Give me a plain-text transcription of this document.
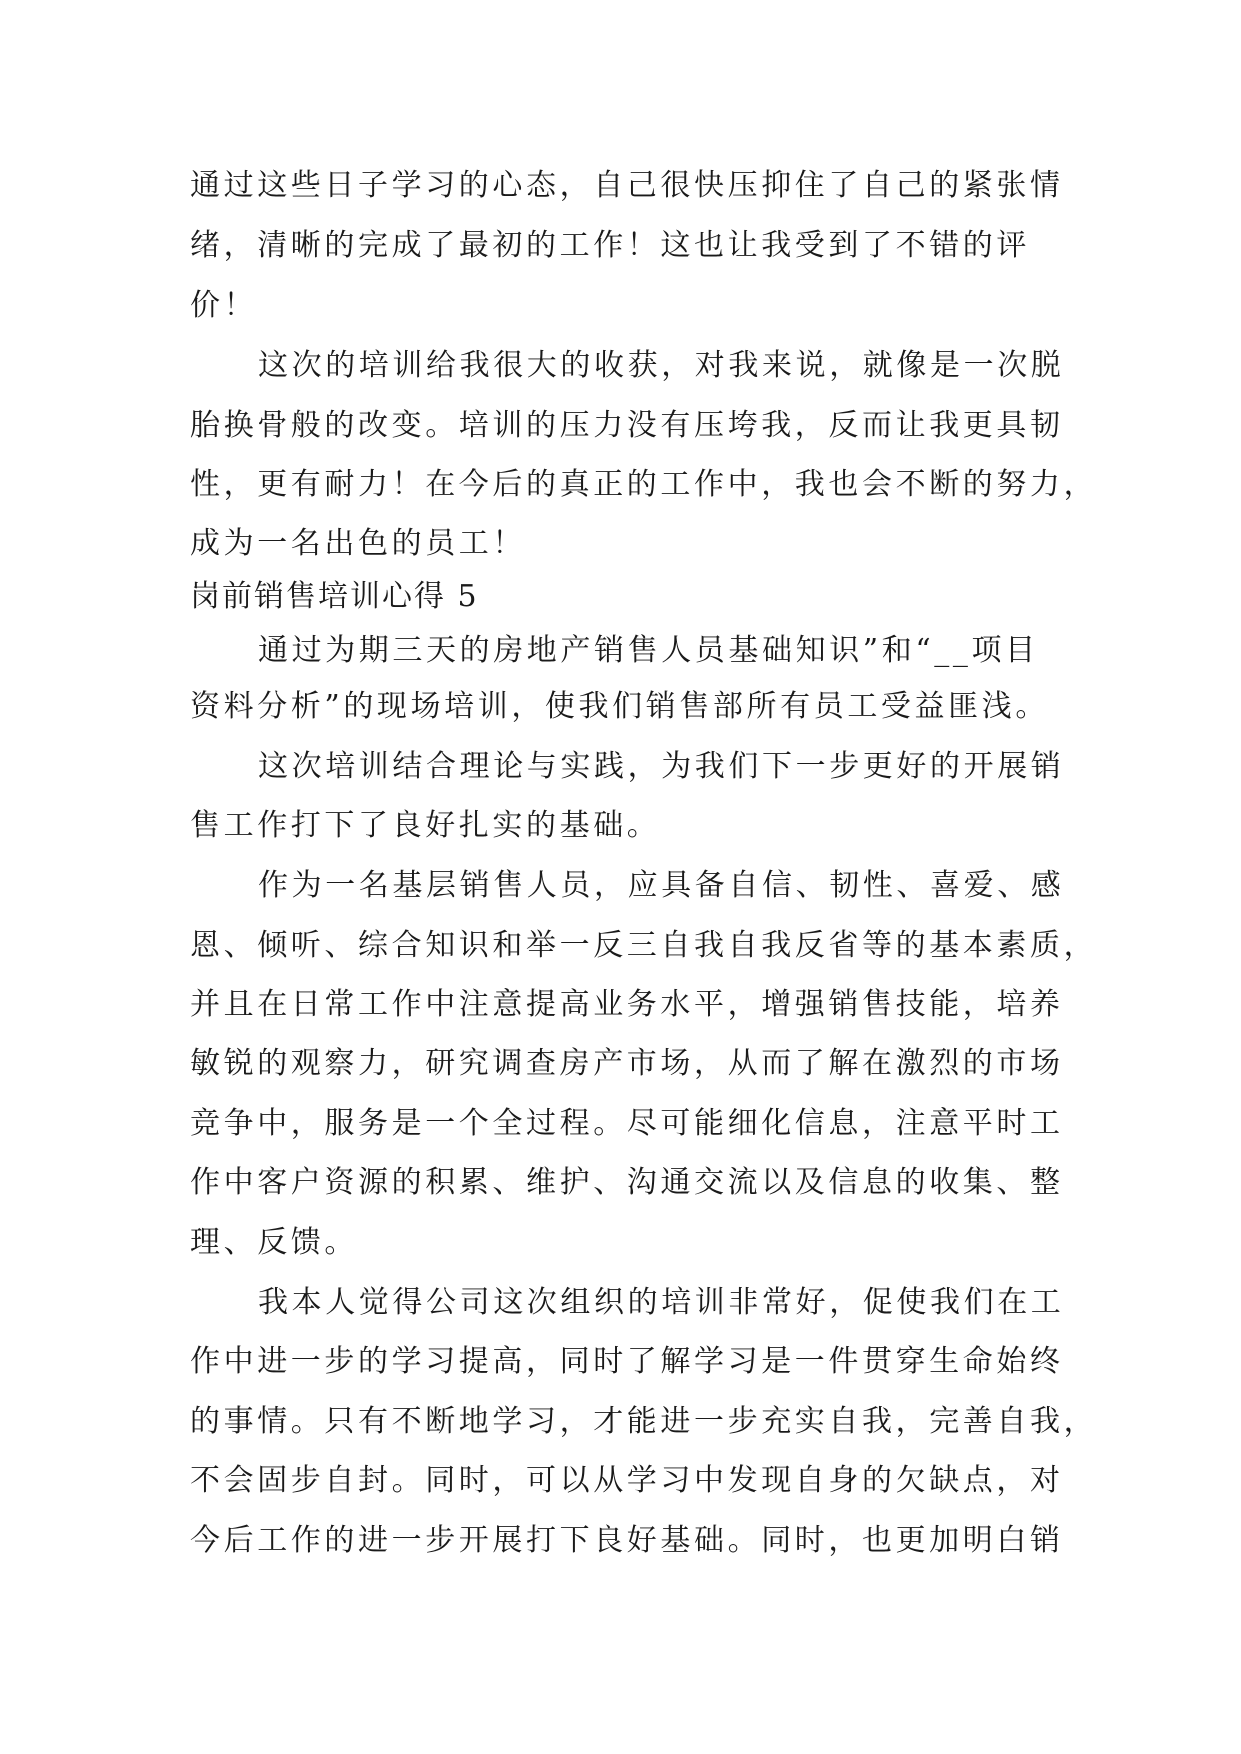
通过这些日子学习的心态，自己很快压抑住了自己的紧张情

绪，清晰的完成了最初的工作！这也让我受到了不错的评

价！

这次的培训给我很大的收获，对我来说，就像是一次脱

胎换骨般的改变。培训的压力没有压垮我，反而让我更具韧

性，更有耐力！在今后的真正的工作中，我也会不断的努力，

成为一名出色的员工！

岗前销售培训心得 5

通过为期三天的房地产销售人员基础知识”和“__项目

资料分析”的现场培训，使我们销售部所有员工受益匪浅。

这次培训结合理论与实践，为我们下一步更好的开展销

售工作打下了良好扎实的基础。

作为一名基层销售人员，应具备自信、韧性、喜爱、感

恩、倾听、综合知识和举一反三自我自我反省等的基本素质，

并且在日常工作中注意提高业务水平，增强销售技能，培养

敏锐的观察力，研究调查房产市场，从而了解在激烈的市场

竞争中，服务是一个全过程。尽可能细化信息，注意平时工

作中客户资源的积累、维护、沟通交流以及信息的收集、整

理、反馈。

我本人觉得公司这次组织的培训非常好，促使我们在工

作中进一步的学习提高，同时了解学习是一件贯穿生命始终

的事情。只有不断地学习，才能进一步充实自我，完善自我，

不会固步自封。同时，可以从学习中发现自身的欠缺点，对

今后工作的进一步开展打下良好基础。同时，也更加明白销
